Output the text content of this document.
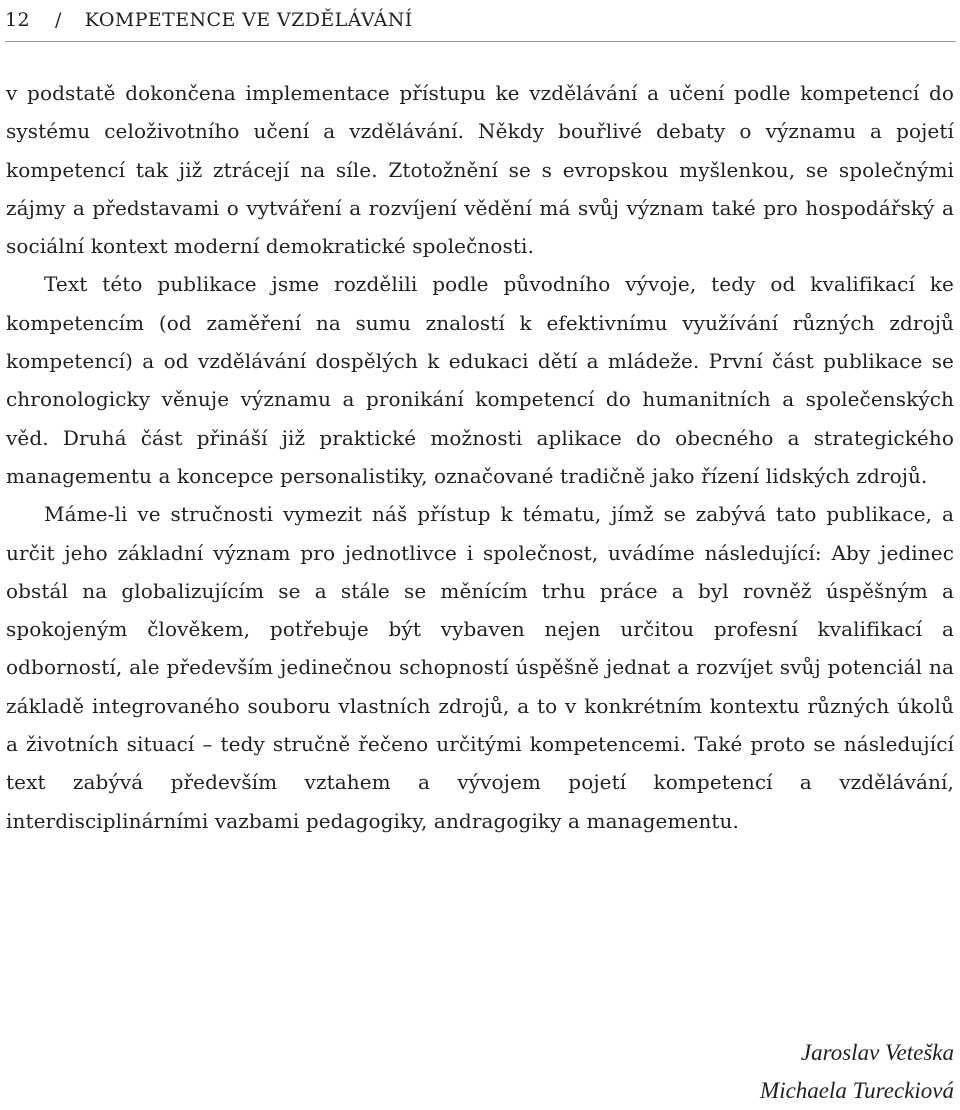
12 / KOMPETENCE VE VZDĚLÁVÁNÍ

v podstatě dokončena implementace přístupu ke vzdělávání a učení podle kompetencí do systému celoživotního učení a vzdělávání. Někdy bouřlivé debaty o významu a pojetí kompetencí tak již ztrácejí na síle. Ztotožnění se s evropskou myšlenkou, se společnými zájmy a představami o vytváření a rozvíjení vědění má svůj význam také pro hospodářský a sociální kontext moderní demokratické společnosti.

Text této publikace jsme rozdělili podle původního vývoje, tedy od kvalifikací ke kompetencím (od zaměření na sumu znalostí k efektivnímu využívání různých zdrojů kompetencí) a od vzdělávání dospělých k edukaci dětí a mládeže. První část publikace se chronologicky věnuje významu a pronikání kompetencí do humanitních a společenských věd. Druhá část přináší již praktické možnosti aplikace do obecného a strategického managementu a koncepce personalistiky, označované tradičně jako řízení lidských zdrojů.

Máme-li ve stručnosti vymezit náš přístup k tématu, jímž se zabývá tato publikace, a určit jeho základní význam pro jednotlivce i společnost, uvádíme následující: Aby jedinec obstál na globalizujícím se a stále se měnícím trhu práce a byl rovněž úspěšným a spokojeným člověkem, potřebuje být vybaven nejen určitou profesní kvalifikací a odborností, ale především jedinečnou schopností úspěšně jednat a rozvíjet svůj potenciál na základě integrovaného souboru vlastních zdrojů, a to v konkrétním kontextu různých úkolů a životních situací – tedy stručně řečeno určitými kompetencemi. Také proto se následující text zabývá především vztahem a vývojem pojetí kompetencí a vzdělávání, interdisciplinárními vazbami pedagogiky, andragogiky a managementu.

Jaroslav Veteška
Michaela Tureckiová
